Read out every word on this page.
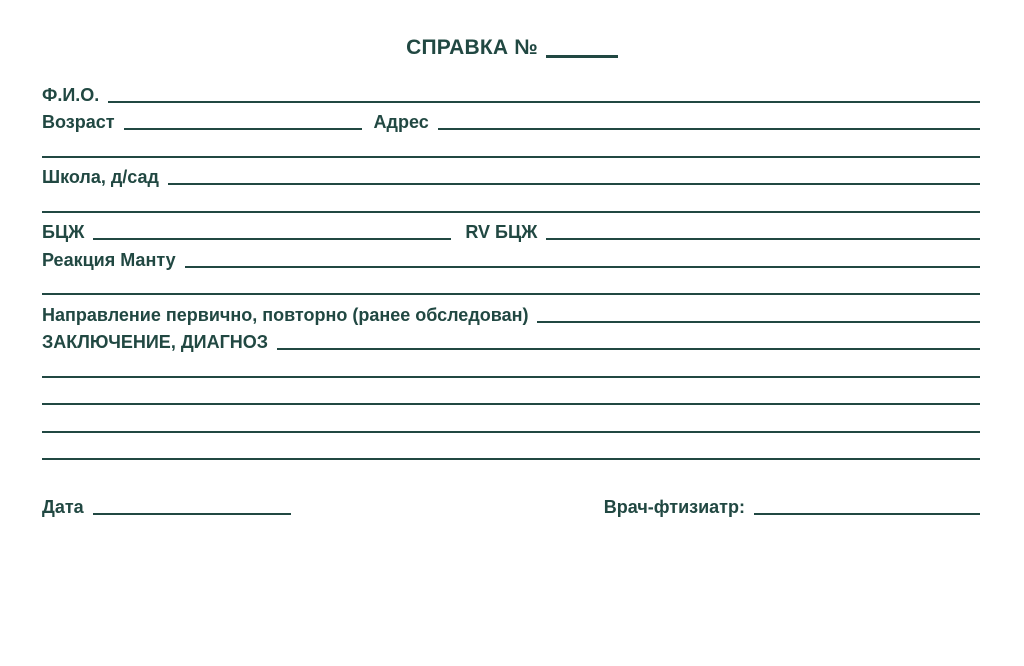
СПРАВКА №
Ф.И.О.
Возраст	Адрес
Школа, д/сад
БЦЖ	RV БЦЖ
Реакция Манту
Направление первично, повторно (ранее обследован)
ЗАКЛЮЧЕНИЕ, ДИАГНОЗ
Дата	Врач-фтизиатр:
